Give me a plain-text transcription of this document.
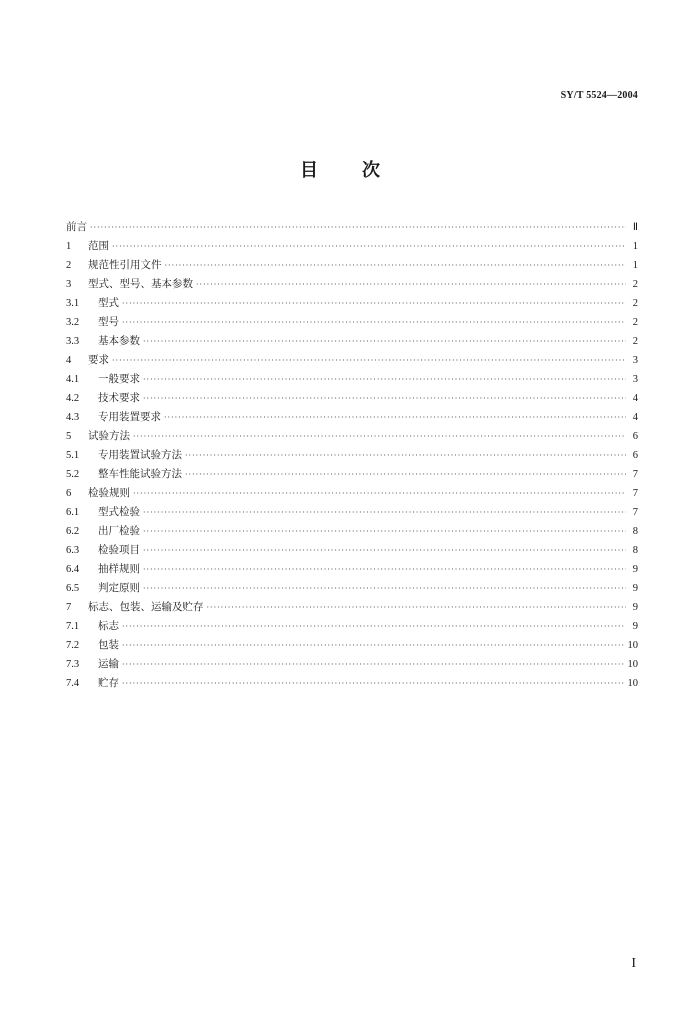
SY/T 5524—2004
目 次
前言 ·····	Ⅱ
1	范围 ·····	1
2	规范性引用文件 ·····	1
3	型式、型号、基本参数 ·····	2
3.1	型式 ·····	2
3.2	型号 ·····	2
3.3	基本参数 ·····	2
4	要求 ·····	3
4.1	一般要求 ·····	3
4.2	技术要求 ·····	4
4.3	专用装置要求 ·····	4
5	试验方法 ·····	6
5.1	专用装置试验方法 ·····	6
5.2	整车性能试验方法 ·····	7
6	检验规则 ·····	7
6.1	型式检验 ·····	7
6.2	出厂检验 ·····	8
6.3	检验项目 ·····	8
6.4	抽样规则 ·····	9
6.5	判定原则 ·····	9
7	标志、包装、运输及贮存 ·····	9
7.1	标志 ·····	9
7.2	包装 ·····	10
7.3	运输 ·····	10
7.4	贮存 ·····	10
I
